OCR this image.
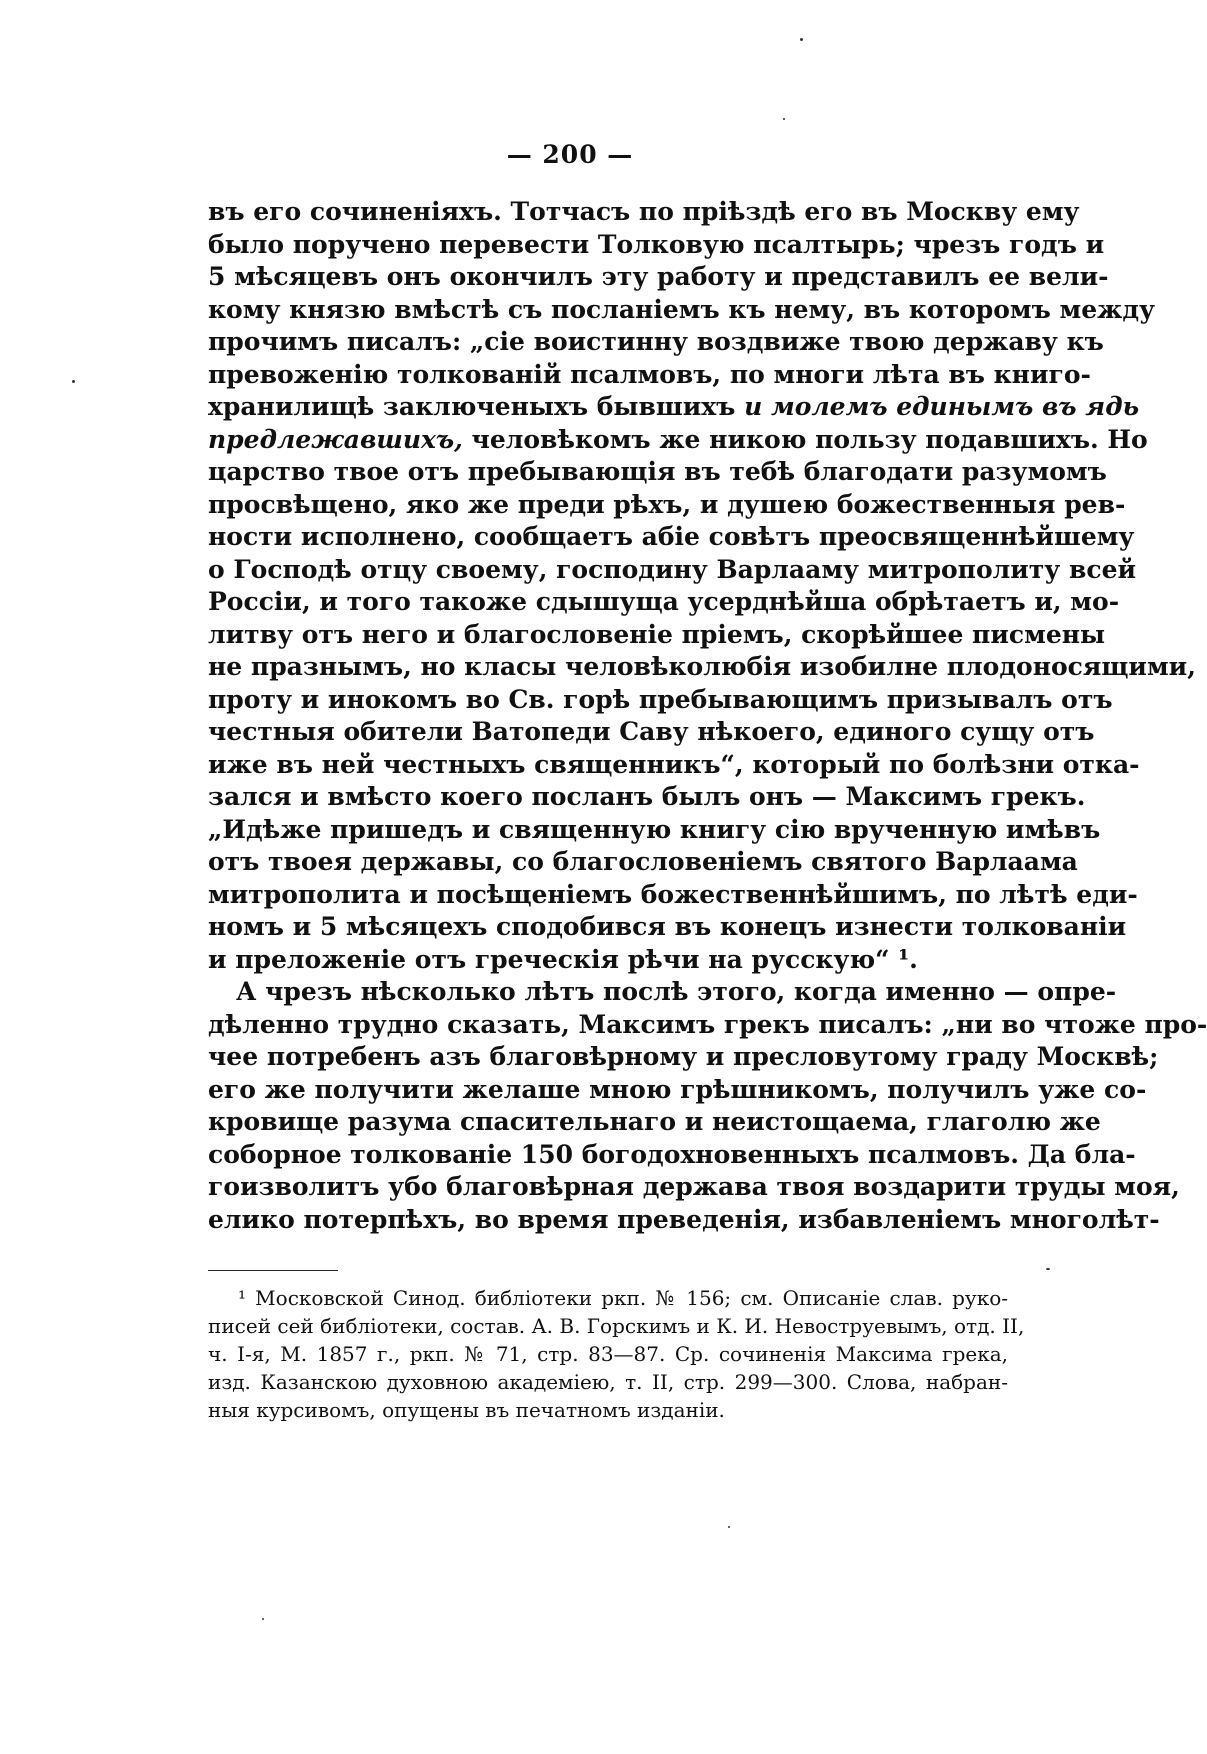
— 200 —
въ его сочиненіяхъ. Тотчасъ по пріѣздѣ его въ Москву ему
было поручено перевести Толковую псалтырь; чрезъ годъ и
5 мѣсяцевъ онъ окончилъ эту работу и представилъ ее вели-
кому князю вмѣстѣ съ посланіемъ къ нему, въ которомъ между
прочимъ писалъ: „сіе воистинну воздвиже твою державу къ
превоженію толкованій псалмовъ, по многи лѣта въ книго-
хранилищѣ заключеныхъ бывшихъ и молемъ единымъ въ ядь
предлежавшихъ, человѣкомъ же никою пользу подавшихъ. Но
царство твое отъ пребывающія въ тебѣ благодати разумомъ
просвѣщено, яко же преди рѣхъ, и душею божественныя рев-
ности исполнено, сообщаетъ абіе совѣтъ преосвященнѣйшему
о Господѣ отцу своему, господину Варлааму митрополиту всей
Россіи, и того такоже сдышуща усерднѣйша обрѣтаетъ и, мо-
литву отъ него и благословеніе пріемъ, скорѣйшее писмены
не празнымъ, но класы человѣколюбія изобилне плодоносящими,
проту и инокомъ во Св. горѣ пребывающимъ призывалъ отъ
честныя обители Ватопеди Саву нѣкоего, единого сущу отъ
иже въ ней честныхъ священникъ“, который по болѣзни отка-
зался и вмѣсто коего посланъ былъ онъ — Максимъ грекъ.
„Идѣже пришедъ и священную книгу сію врученную имѣвъ
отъ твоея державы, со благословеніемъ святого Варлаама
митрополита и посѣщеніемъ божественнѣйшимъ, по лѣтѣ еди-
номъ и 5 мѣсяцехъ сподобився въ конецъ изнести толкованіи
и преложеніе отъ греческія рѣчи на русскую“ ¹.
А чрезъ нѣсколько лѣтъ послѣ этого, когда именно — опре-
дѣленно трудно сказать, Максимъ грекъ писалъ: „ни во чтоже про-
чее потребенъ азъ благовѣрному и пресловутому граду Москвѣ;
его же получити желаше мною грѣшникомъ, получилъ уже со-
кровище разума спасительнаго и неистощаема, глаголю же
соборное толкованіе 150 богодохновенныхъ псалмовъ. Да бла-
гоизволитъ убо благовѣрная держава твоя воздарити труды моя,
елико потерпѣхъ, во время преведенія, избавленіемъ многолѣт-
¹ Московской Синод. библіотеки ркп. № 156; см. Описаніе слав. руко-
писей сей библіотеки, состав. А. В. Горскимъ и К. И. Невоструевымъ, отд. II,
ч. I-я, М. 1857 г., ркп. № 71, стр. 83—87. Ср. сочиненія Максима грека,
изд. Казанскою духовною академіею, т. II, стр. 299—300. Слова, набран-
ныя курсивомъ, опущены въ печатномъ изданіи.
